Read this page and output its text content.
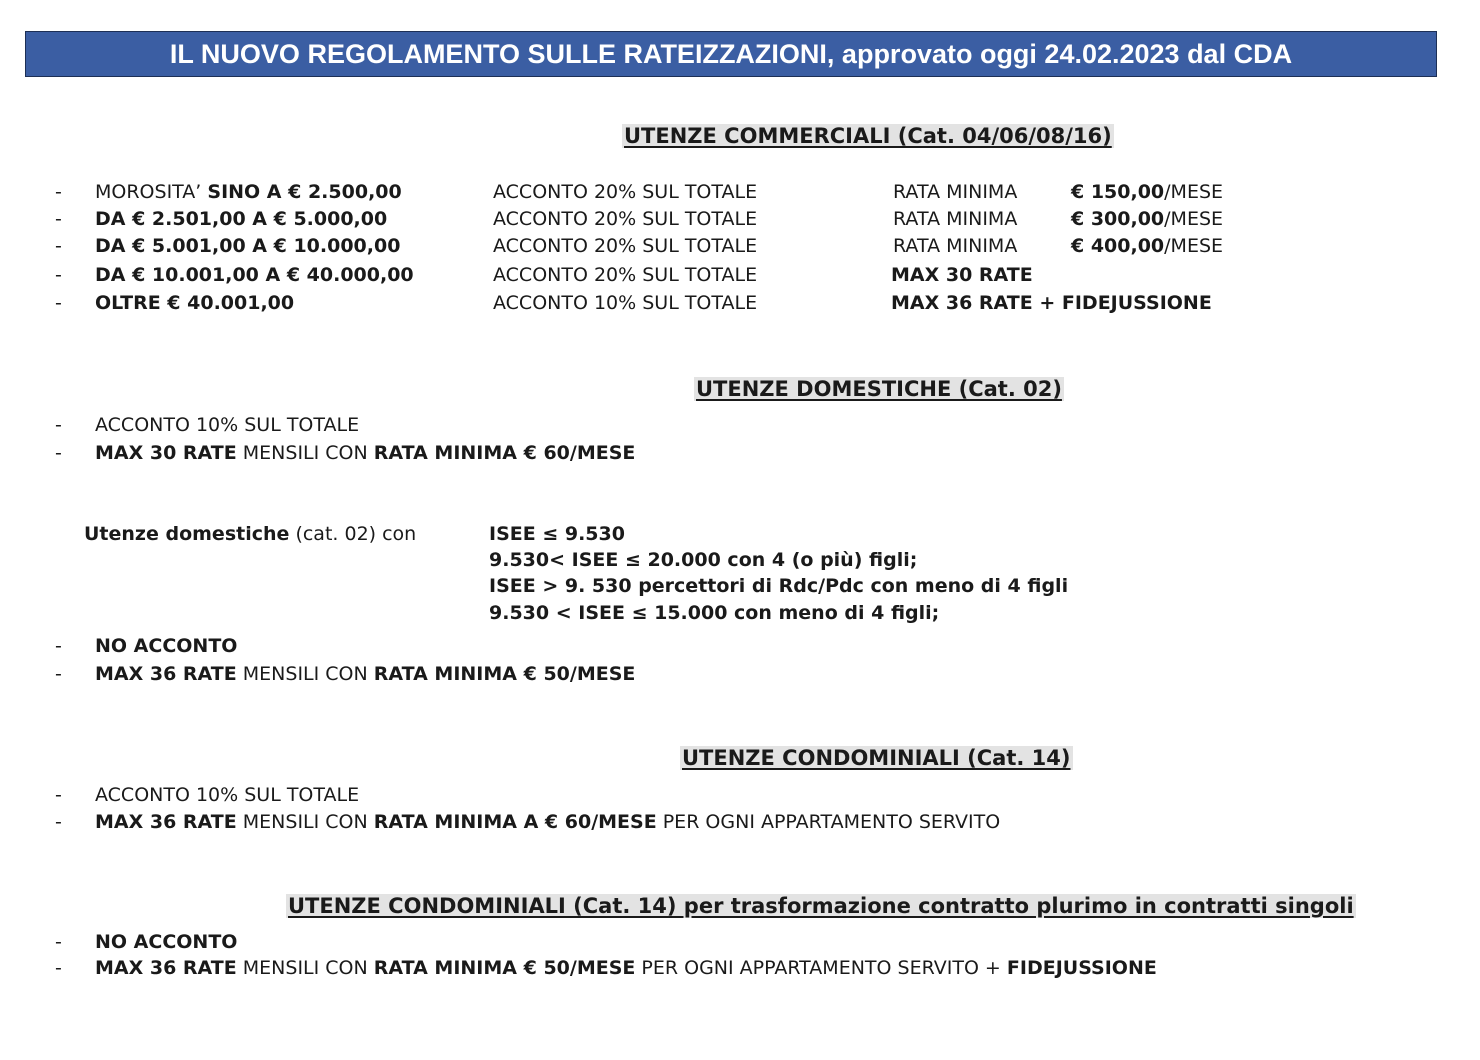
IL NUOVO REGOLAMENTO SULLE RATEIZZAZIONI, approvato oggi 24.02.2023 dal CDA
UTENZE COMMERCIALI (Cat. 04/06/08/16)
- MOROSITA’ SINO A € 2.500,00	ACCONTO 20% SUL TOTALE	RATA MINIMA	€ 150,00/MESE
- DA € 2.501,00 A € 5.000,00	ACCONTO 20% SUL TOTALE	RATA MINIMA	€ 300,00/MESE
- DA € 5.001,00 A € 10.000,00	ACCONTO 20% SUL TOTALE	RATA MINIMA	€ 400,00/MESE
- DA € 10.001,00 A € 40.000,00	ACCONTO 20% SUL TOTALE	MAX 30 RATE
- OLTRE € 40.001,00	ACCONTO 10% SUL TOTALE	MAX 36 RATE + FIDEJUSSIONE
UTENZE DOMESTICHE (Cat. 02)
- ACCONTO 10% SUL TOTALE
- MAX 30 RATE MENSILI CON RATA MINIMA € 60/MESE
Utenze domestiche (cat. 02) con	ISEE ≤ 9.530
9.530< ISEE ≤ 20.000 con 4 (o più) figli;
ISEE > 9. 530 percettori di Rdc/Pdc con meno di 4 figli
9.530 < ISEE ≤ 15.000 con meno di 4 figli;
- NO ACCONTO
- MAX 36 RATE MENSILI CON RATA MINIMA € 50/MESE
UTENZE CONDOMINIALI (Cat. 14)
- ACCONTO 10% SUL TOTALE
- MAX 36 RATE MENSILI CON RATA MINIMA A € 60/MESE PER OGNI APPARTAMENTO SERVITO
UTENZE CONDOMINIALI (Cat. 14) per trasformazione contratto plurimo in contratti singoli
- NO ACCONTO
- MAX 36 RATE MENSILI CON RATA MINIMA € 50/MESE PER OGNI APPARTAMENTO SERVITO + FIDEJUSSIONE
